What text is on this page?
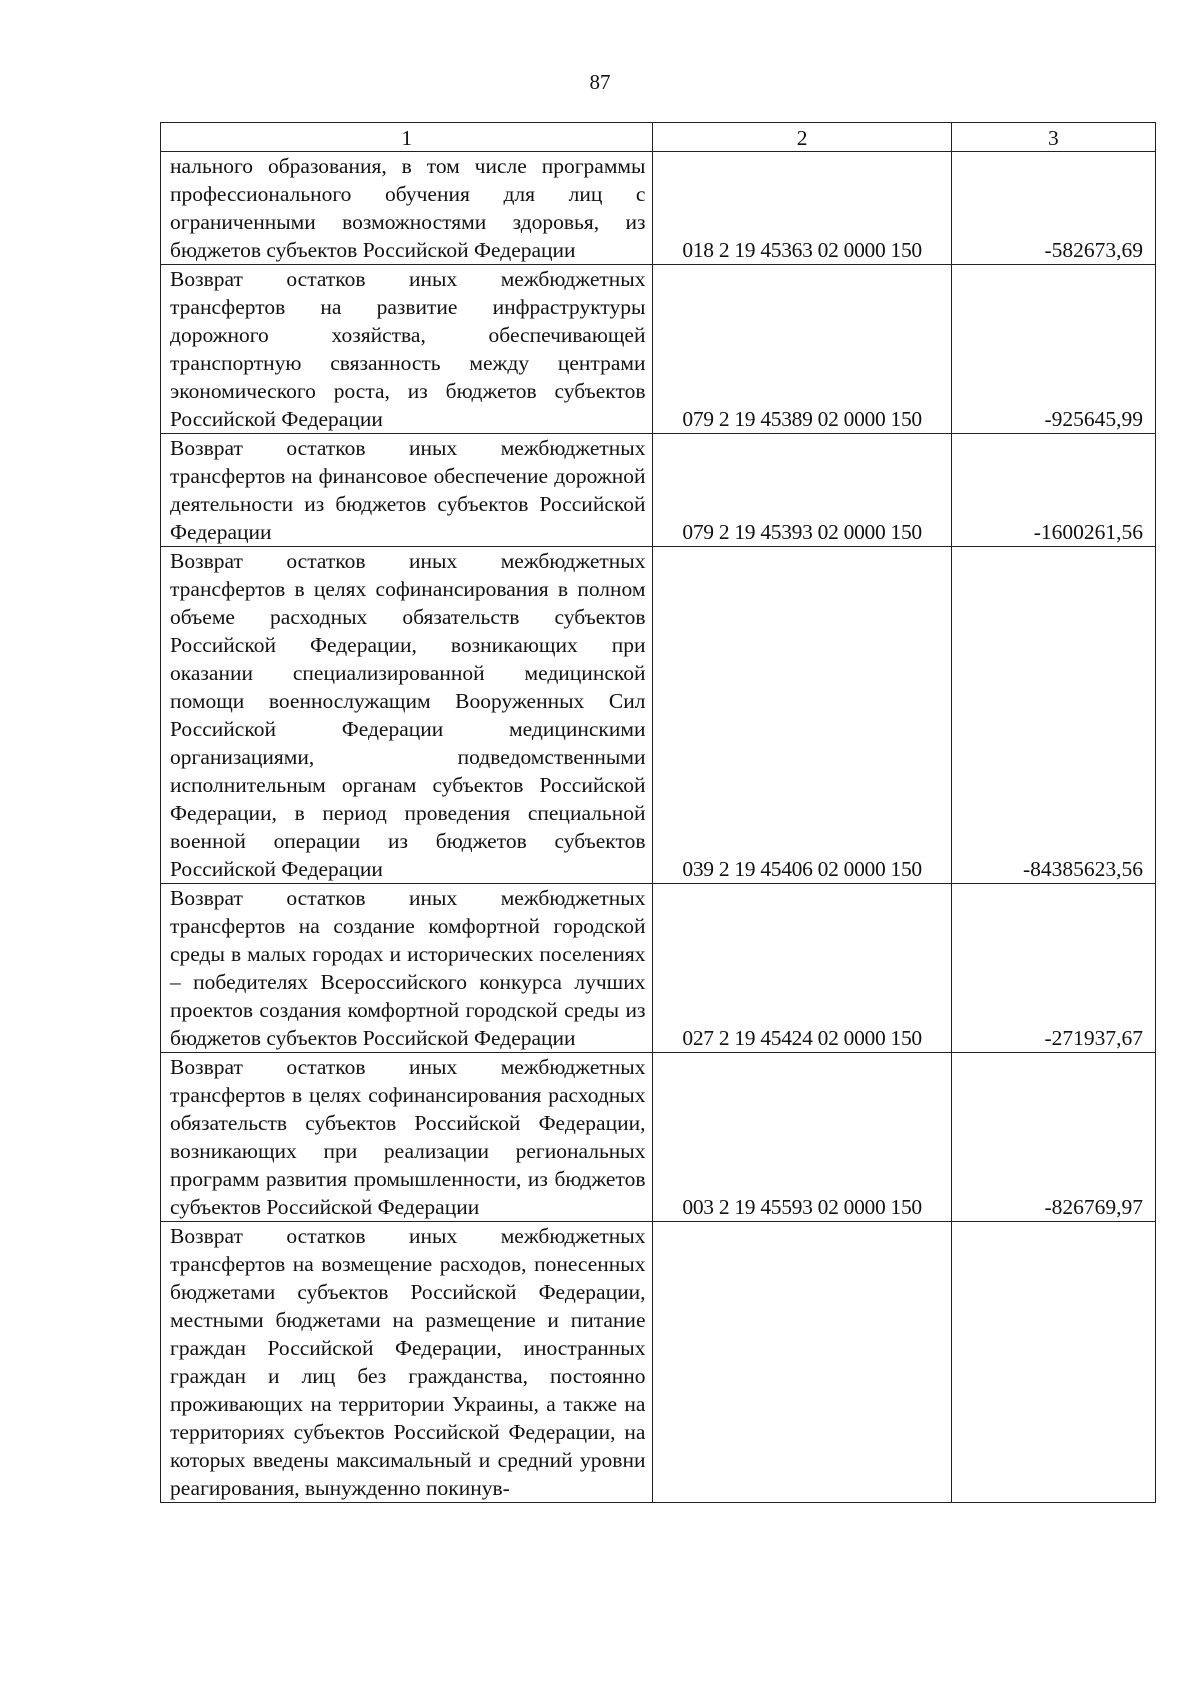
87
1	2	3

нального образования, в том числе программы профессионального обучения для лиц с ограниченными возможностями здоровья, из бюджетов субъектов Российской Федерации	018 2 19 45363 02 0000 150	-582673,69

Возврат остатков иных межбюджетных трансфертов на развитие инфраструктуры дорожного хозяйства, обеспечивающей транспортную связанность между центрами экономического роста, из бюджетов субъектов Российской Федерации	079 2 19 45389 02 0000 150	-925645,99

Возврат остатков иных межбюджетных трансфертов на финансовое обеспечение дорожной деятельности из бюджетов субъектов Российской Федерации	079 2 19 45393 02 0000 150	-1600261,56

Возврат остатков иных межбюджетных трансфертов в целях софинансирования в полном объеме расходных обязательств субъектов Российской Федерации, возникающих при оказании специализированной медицинской помощи военнослужащим Вооруженных Сил Российской Федерации медицинскими организациями, подведомственными исполнительным органам субъектов Российской Федерации, в период проведения специальной военной операции из бюджетов субъектов Российской Федерации	039 2 19 45406 02 0000 150	-84385623,56

Возврат остатков иных межбюджетных трансфертов на создание комфортной городской среды в малых городах и исторических поселениях – победителях Всероссийского конкурса лучших проектов создания комфортной городской среды из бюджетов субъектов Российской Федерации	027 2 19 45424 02 0000 150	-271937,67

Возврат остатков иных межбюджетных трансфертов в целях софинансирования расходных обязательств субъектов Российской Федерации, возникающих при реализации региональных программ развития промышленности, из бюджетов субъектов Российской Федерации	003 2 19 45593 02 0000 150	-826769,97

Возврат остатков иных межбюджетных трансфертов на возмещение расходов, понесенных бюджетами субъектов Российской Федерации, местными бюджетами на размещение и питание граждан Российской Федерации, иностранных граждан и лиц без гражданства, постоянно проживающих на территории Украины, а также на территориях субъектов Российской Федерации, на которых введены максимальный и средний уровни реагирования, вынужденно покинув-		
